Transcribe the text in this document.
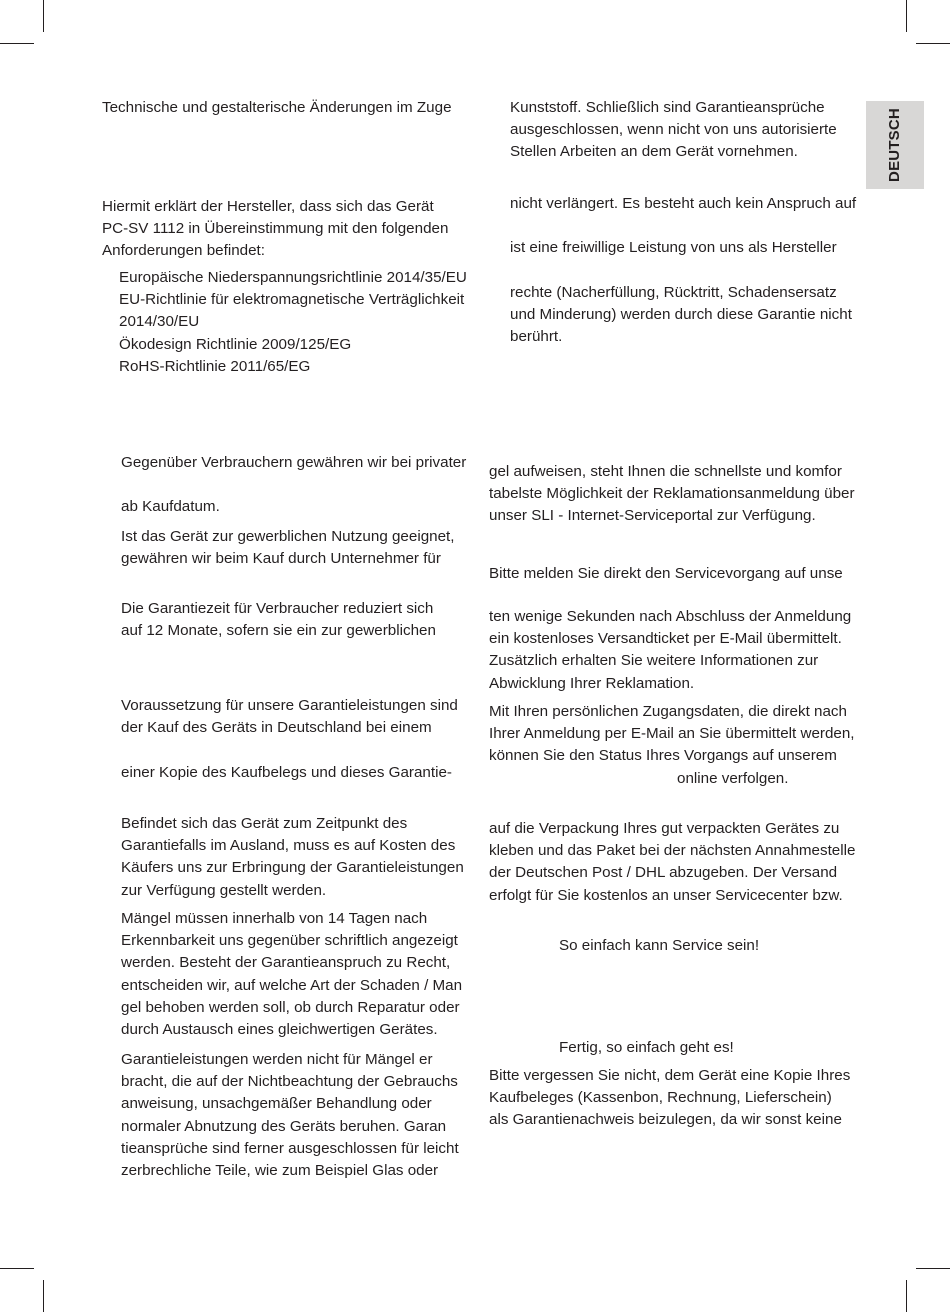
DEUTSCH

Technische und gestalterische Änderungen im Zuge

Hiermit erklärt der Hersteller, dass sich das Gerät

PC-SV 1112 in Übereinstimmung mit den folgenden

Anforderungen befindet:

Europäische Niederspannungsrichtlinie 2014/35/EU

EU-Richtlinie für elektromagnetische Verträglichkeit

2014/30/EU

Ökodesign Richtlinie 2009/125/EG

RoHS-Richtlinie 2011/65/EG

Gegenüber Verbrauchern gewähren wir bei privater

ab Kaufdatum.

Ist das Gerät zur gewerblichen Nutzung geeignet,

gewähren wir beim Kauf durch Unternehmer für

Die Garantiezeit für Verbraucher reduziert sich

auf 12 Monate, sofern sie ein zur gewerblichen

Voraussetzung für unsere Garantieleistungen sind

der Kauf des Geräts in Deutschland bei einem

einer Kopie des Kaufbelegs und dieses Garantie-

Befindet sich das Gerät zum Zeitpunkt des

Garantiefalls im Ausland, muss es auf Kosten des

Käufers uns zur Erbringung der Garantieleistungen

zur Verfügung gestellt werden.

Mängel müssen innerhalb von 14 Tagen nach

Erkennbarkeit uns gegenüber schriftlich angezeigt

werden. Besteht der Garantieanspruch zu Recht,

entscheiden wir, auf welche Art der Schaden / Man

gel behoben werden soll, ob durch Reparatur oder

durch Austausch eines gleichwertigen Gerätes.

Garantieleistungen werden nicht für Mängel er

bracht, die auf der Nichtbeachtung der Gebrauchs

anweisung, unsachgemäßer Behandlung oder

normaler Abnutzung des Geräts beruhen. Garan

tieansprüche sind ferner ausgeschlossen für leicht

zerbrechliche Teile, wie zum Beispiel Glas oder

Kunststoff. Schließlich sind Garantieansprüche

ausgeschlossen, wenn nicht von uns autorisierte

Stellen Arbeiten an dem Gerät vornehmen.

nicht verlängert. Es besteht auch kein Anspruch auf

ist eine freiwillige Leistung von uns als Hersteller

rechte (Nacherfüllung, Rücktritt, Schadensersatz

und Minderung) werden durch diese Garantie nicht

berührt.

gel aufweisen, steht Ihnen die schnellste und komfor

tabelste Möglichkeit der Reklamationsanmeldung über

unser SLI - Internet-Serviceportal zur Verfügung.

Bitte melden Sie direkt den Servicevorgang auf unse

ten wenige Sekunden nach Abschluss der Anmeldung

ein kostenloses Versandticket per E-Mail übermittelt.

Zusätzlich erhalten Sie weitere Informationen zur

Abwicklung Ihrer Reklamation.

Mit Ihren persönlichen Zugangsdaten, die direkt nach

Ihrer Anmeldung per E-Mail an Sie übermittelt werden,

können Sie den Status Ihres Vorgangs auf unserem

online verfolgen.

auf die Verpackung Ihres gut verpackten Gerätes zu

kleben und das Paket bei der nächsten Annahmestelle

der Deutschen Post / DHL abzugeben. Der Versand

erfolgt für Sie kostenlos an unser Servicecenter bzw.

So einfach kann Service sein!

Fertig, so einfach geht es!

Bitte vergessen Sie nicht, dem Gerät eine Kopie Ihres

Kaufbeleges (Kassenbon, Rechnung, Lieferschein)

als Garantienachweis beizulegen, da wir sonst keine
